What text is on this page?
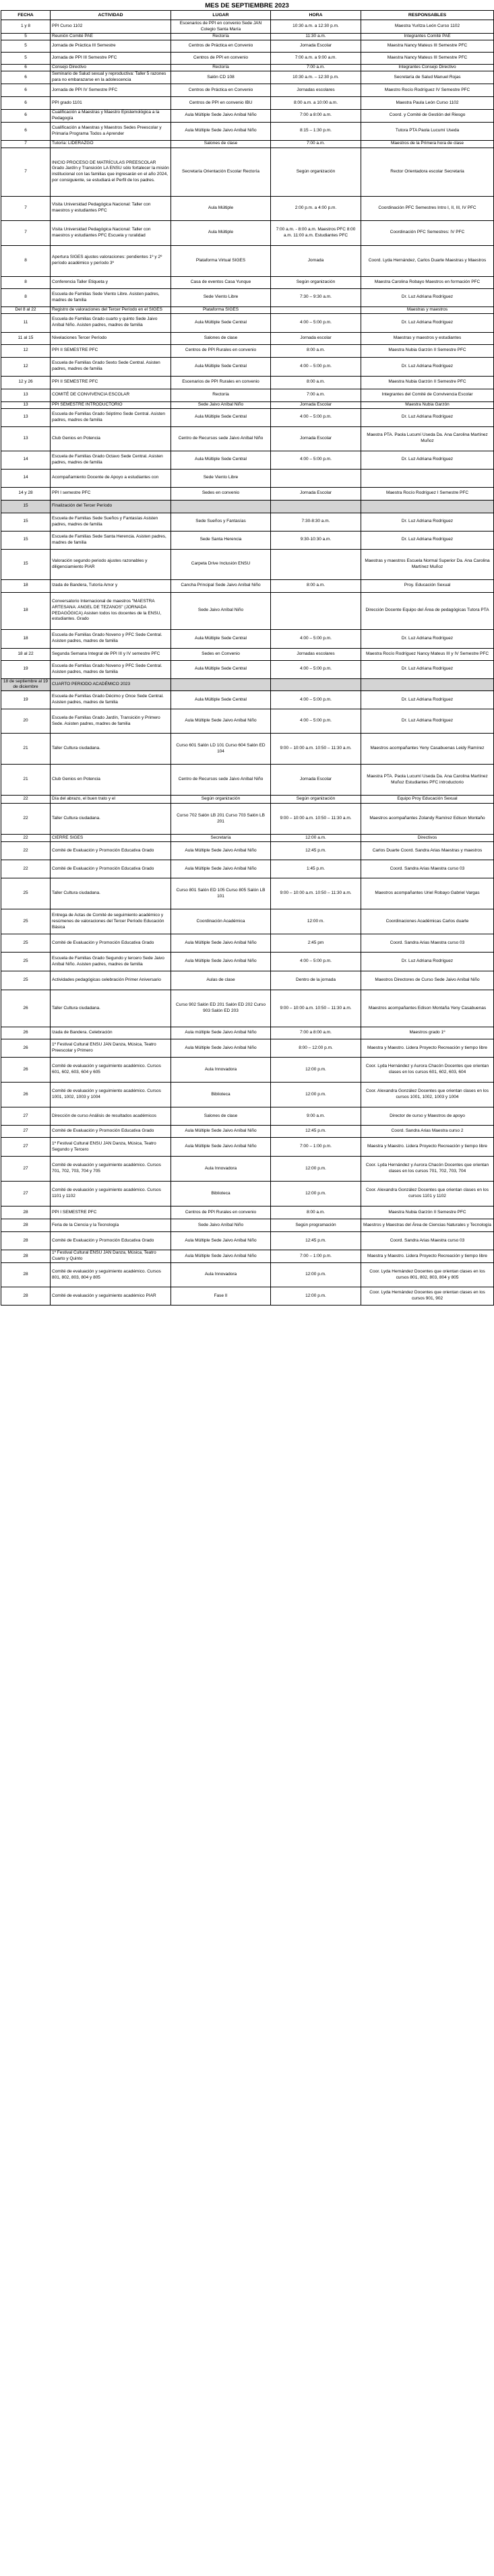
MES DE SEPTIEMBRE 2023
FECHA	ACTIVIDAD	LUGAR	HORA	RESPONSABLES
1 y 8	PPI Curso 1102	Escenarios de PPI en convenio Sede JAN Colegio Santa María	10:30 a.m. a 12:30 p.m.	Maestra Yuritza León Curso 1102
5	Reunión Comité PAE	Rectoría	11:30 a.m.	Integrantes Comité PAE
5	Jornada de Práctica III Semestre	Centros de Práctica en Convenio	Jornada Escolar	Maestra Nancy Mateus III Semestre PFC
5	Jornada de PPI III Semestre PFC	Centros de PPI en convenio	7:00 a.m. a 9:00 a.m.	Maestra Nancy Mateus III Semestre PFC
6	Consejo Directivo	Rectoría	7:00 a.m.	Integrantes Consejo Directivo
6	Seminario de Salud sexual y reproductiva: Taller 5 razones para no embarazarse en la adolescencia	Salón CD 108	10:30 a.m. – 12:30 p.m.	Secretaría de Salud Manuel Rojas
6	Jornada de PPI IV Semestre PFC	Centros de Práctica en Convenio	Jornadas escolares	Maestro Rocío Rodríguez IV Semestre PFC
6	PPI grado 1101	Centros de PPI en convenio IBU	8:00 a.m. a 10:00 a.m.	Maestra Paula León Curso 1102
6	Cualificación a Maestras y Maestro Epistemológica a la Pedagogía	Aula Múltiple Sede Jaivo Aníbal Niño	7:00 a 8:00 a.m.	Coord. y Comité de Gestión del Riesgo
6	Cualificación a Maestras y Maestros Sedes Preescolar y Primaria Programa Todos a Aprender	Aula Múltiple Sede Jaivo Aníbal Niño	8:15 – 1:30 p.m.	Tutora PTA Paola Lucumí Useda
7	Tutoría: LIDERAZGO	Salones de clase	7:00 a.m.	Maestros de la Primera hora de clase
7	INICIO PROCESO DE MATRÍCULAS PREESCOLAR Grado Jardín y Transición LA ENSU sólo fortalecer la misión institucional con las familias que ingresarán en el año 2024, por consiguiente, se estudiará el Perfil de los padres.	Secretaría Orientación Escolar Rectoría	Según organización	Rector Orientadora escolar Secretaria
7	Visita Universidad Pedagógica Nacional: Taller con maestros y estudiantes PFC	Aula Múltiple	2:00 p.m. a 4:00 p.m.	Coordinación PFC Semestres Intro I, II, III, IV PFC
7	Visita Universidad Pedagógica Nacional: Taller con maestros y estudiantes PFC Escuela y ruralidad	Aula Múltiple	7:00 a.m. - 8:00 a.m. Maestros PFC 8:00 a.m. 11:00 a.m. Estudiantes PFC	Coordinación PFC Semestres: IV PFC
8	Apertura SIGES ajustes valoraciones: pendientes 1º y 2º período académico y período 3º	Plataforma Virtual SIGES	Jornada	Coord. Lyda Hernández, Carlos Duarte Maestras y Maestros
8	Conferencia Taller Etiqueta y	Casa de eventos Casa Yunque	Según organización	Maestra Carolina Robayo Maestros en formación PFC
8	Escuela de Familias Sede Viento Libre. Asisten padres, madres de familia	Sede Viento Libre	7:30 – 9:30 a.m.	Dr. Luz Adriana Rodríguez
Del 8 al 22	Registro de valoraciones del Tercer Período en el SIGES	Plataforma SIGES		Maestras y maestros
11	Escuela de Familias Grado cuarto y quinto Sede Jaivo Aníbal Niño. Asisten padres, madres de familia	Aula Múltiple Sede Central	4:00 – 5:00 p.m.	Dr. Luz Adriana Rodríguez
11 al 15	Nivelaciones Tercer Período	Salones de clase	Jornada escolar	Maestras y maestros y estudiantes
12	PPI II SEMESTRE PFC	Centros de PPI Rurales en convenio	8:00 a.m.	Maestra Nubia Garzón II Semestre PFC
12	Escuela de Familias Grado Sexto Sede Central. Asisten padres, madres de familia	Aula Múltiple Sede Central	4:00 – 5:00 p.m.	Dr. Luz Adriana Rodríguez
12 y 26	PPI II SEMESTRE PFC	Escenarios de PPI Rurales en convenio	8:00 a.m.	Maestra Nubia Garzón II Semestre PFC
13	COMITÉ DE CONVIVENCIA ESCOLAR	Rectoría	7:00 a.m.	Integrantes del Comité de Convivencia Escolar
13	PPI SEMESTRE INTRODUCTORIO	Sede Jaivo Aníbal Niño	Jornada Escolar	Maestra Nubia Garzón
13	Escuela de Familias Grado Séptimo Sede Central. Asisten padres, madres de familia	Aula Múltiple Sede Central	4:00 – 5:00 p.m.	Dr. Luz Adriana Rodríguez
13	Club Genios en Potencia	Centro de Recursos sede Jaivo Aníbal Niño	Jornada Escolar	Maestra PTA. Paola Lucumí Useda Da. Ana Carolina Martínez Muñoz
14	Escuela de Familias Grado Octavo Sede Central. Asisten padres, madres de familia	Aula Múltiple Sede Central	4:00 – 5:00 p.m.	Dr. Luz Adriana Rodríguez
14	Acompañamiento Docente de Apoyo a estudiantes con	Sede Viento Libre		
14 y 28	PPI I semestre PFC	Sedes en convenio	Jornada Escolar	Maestra Rocío Rodríguez I Semestre PFC
15	Finalización del Tercer Período			
15	Escuela de Familias Sede Sueños y Fantasías Asisten padres, madres de familia	Sede Sueños y Fantasías	7:30-8:30 a.m.	Dr. Luz Adriana Rodríguez
15	Escuela de Familias Sede Santa Herencia. Asisten padres, madres de familia	Sede Santa Herencia	9:30-10:30 a.m.	Dr. Luz Adriana Rodríguez
15	Valoración segundo periodo ajustes razonables y diligenciamiento PIAR	Carpeta Drive Inclusión ENSU		Maestras y maestros Escuela Normal Superior Da. Ana Carolina Martínez Muñoz
18	Izada de Bandera, Tutoría Amor y	Cancha Principal Sede Jaivo Aníbal Niño	8:00 a.m.	Proy. Educación Sexual
18	Conversatorio Internacional de maestros "MAESTRA ARTESANA: ANGEL DE TEZANOS" (JORNADA PEDAGÓGICA) Asisten todos los docentes de la ENSU, estudiantes. Grado	Sede Jaivo Aníbal Niño		Dirección Docente Equipo del Área de pedagógicas Tutora PTA
18	Escuela de Familias Grado Noveno y PFC Sede Central. Asisten padres, madres de familia	Aula Múltiple Sede Central	4:00 – 5:00 p.m.	Dr. Luz Adriana Rodríguez
18 al 22	Segunda Semana Integral de PPI III y IV semestre PFC	Sedes en Convenio	Jornadas escolares	Maestra Rocío Rodríguez Nancy Mateus III y IV Semestre PFC
19	Escuela de Familias Grado Noveno y PFC Sede Central. Asisten padres, madres de familia	Aula Múltiple Sede Central	4:00 – 5:00 p.m.	Dr. Luz Adriana Rodríguez
18 de septiembre al 19 de diciembre	CUARTO PERIODO ACADÉMICO 2023			
19	Escuela de Familias Grado Décimo y Once Sede Central. Asisten padres, madres de familia	Aula Múltiple Sede Central	4:00 – 5:00 p.m.	Dr. Luz Adriana Rodríguez
20	Escuela de Familias Grado Jardín, Transición y Primero Sede. Asisten padres, madres de familia	Aula Múltiple Sede Jaivo Aníbal Niño	4:00 – 5:00 p.m.	Dr. Luz Adriana Rodríguez
21	Taller Cultura ciudadana.	Curso 601 Salón LD 101 Curso 604 Salón ED 104	9:00 – 10:00 a.m. 10:50 – 11:30 a.m.	Maestros acompañantes Yeny Casabuenas Leidy Ramírez
21	Club Genios en Potencia	Centro de Recursos sede Jaivo Aníbal Niño	Jornada Escolar	Maestra PTA. Paola Lucumí Useda Da. Ana Carolina Martínez Muñoz Estudiantes PFC introductorio
22	Día del abrazo, el buen trato y el	Según organización	Según organización	Equipo Proy Educación Sexual
22	Taller Cultura ciudadana.	Curso 702 Salón LB 201 Curso 703 Salón LB 201	9:00 – 10:00 a.m. 10:50 – 11:30 a.m.	Maestros acompañantes Zolandy Ramírez Edison Montaño
22	CIERRE SIGES	Secretaría	12:00 a.m.	Directivos
22	Comité de Evaluación y Promoción Educativa Grado	Aula Múltiple Sede Jaivo Aníbal Niño	12:45 p.m.	Carlos Duarte Coord. Sandra Arias Maestras y maestros
22	Comité de Evaluación y Promoción Educativa Grado	Aula Múltiple Sede Jaivo Aníbal Niño	1:45 p.m.	Coord. Sandra Arias Maestra curso 03
25	Taller Cultura ciudadana.	Curso 801 Salón ED 105 Curso 805 Salón LB 101	9:00 – 10:00 a.m. 10:50 – 11:30 a.m.	Maestros acompañantes Uriel Robayo Gabriel Vargas
25	Entrega de Actas de Comité de seguimiento académico y resúmenes de valoraciones del Tercer Período Educación Básica	Coordinación Académica	12:00 m.	Coordinaciones Académicas Carlos duarte
25	Comité de Evaluación y Promoción Educativa Grado	Aula Múltiple Sede Jaivo Aníbal Niño	2:45 pm	Coord. Sandra Arias Maestra curso 03
25	Escuela de Familias Grado Segundo y tercero Sede Jaivo Aníbal Niño. Asisten padres, madres de familia	Aula Múltiple Sede Jaivo Aníbal Niño	4:00 – 5:00 p.m.	Dr. Luz Adriana Rodríguez
25	Actividades pedagógicas celebración Primer Aniversario	Aulas de clase	Dentro de la jornada	Maestros Directores de Curso Sede Jaivo Aníbal Niño
26	Taller Cultura ciudadana.	Curso 902 Salón ED 201 Salón ED 202 Curso 903 Salón ED 203	9:00 – 10:00 a.m. 10:50 – 11:30 a.m.	Maestros acompañantes Edison Montaña Yeny Casabuenas
26	Izada de Bandera. Celebración	Aula múltiple Sede Jaivo Aníbal Niño	7:00 a 8:00 a.m.	Maestros grado 1º
26	1º Festival Cultural ENSU JAN Danza, Música, Teatro Preescolar y Primero	Aula Múltiple Sede Jaivo Aníbal Niño	8:00 – 12:00 p.m.	Maestra y Maestro. Lidera Proyecto Recreación y tiempo libre
26	Comité de evaluación y seguimiento académico. Cursos 601, 602, 603, 604 y 605	Aula Innovadora	12:00 p.m.	Coor. Lyda Hernández y Aurora Chacón Docentes que orientan clases en los cursos 601, 602, 603, 604
26	Comité de evaluación y seguimiento académico. Cursos 1001, 1002, 1003 y 1004	Biblioteca	12:00 p.m.	Coor. Alexandra González Docentes que orientan clases en los cursos 1001, 1002, 1003 y 1004
27	Dirección de curso Análisis de resultados académicos	Salones de clase	9:00 a.m.	Director de curso y Maestros de apoyo
27	Comité de Evaluación y Promoción Educativa Grado	Aula Múltiple Sede Jaivo Aníbal Niño	12:45 p.m.	Coord. Sandra Arias Maestra curso 2
27	1º Festival Cultural ENSU JAN Danza, Música, Teatro Segundo y Tercero	Aula Múltiple Sede Jaivo Aníbal Niño	7:00 – 1:00 p.m.	Maestra y Maestro. Lidera Proyecto Recreación y tiempo libre
27	Comité de evaluación y seguimiento académico. Cursos 701, 702, 703, 704 y 705	Aula Innovadora	12:00 p.m.	Coor. Lyda Hernández y Aurora Chacón Docentes que orientan clases en los cursos 701, 702, 703, 704
27	Comité de evaluación y seguimiento académico. Cursos 1101 y 1102	Biblioteca	12:00 p.m.	Coor. Alexandra González Docentes que orientan clases en los cursos 1101 y 1102
28	PPI I SEMESTRE PFC	Centros de PPI Rurales en convenio	8:00 a.m.	Maestra Nubia Garzón II Semestre PFC
28	Feria de la Ciencia y la Tecnología	Sede Jaivo Aníbal Niño	Según programación	Maestros y Maestras del Área de Ciencias Naturales y Tecnología
28	Comité de Evaluación y Promoción Educativa Grado	Aula Múltiple Sede Jaivo Aníbal Niño	12:45 p.m.	Coord. Sandra Arias Maestra curso 03
28	1º Festival Cultural ENSU JAN Danza, Música, Teatro Cuarto y Quinto	Aula Múltiple Sede Jaivo Aníbal Niño	7:00 – 1:00 p.m.	Maestra y Maestro. Lidera Proyecto Recreación y tiempo libre
28	Comité de evaluación y seguimiento académico. Cursos 801, 802, 803, 804 y 805	Aula Innovadora	12:00 p.m.	Coor. Lyda Hernández Docentes que orientan clases en los cursos 801, 802, 803, 804 y 805
28	Comité de evaluación y seguimiento académico PIAR	Fase II	12:00 p.m.	Coor. Lyda Hernández Docentes que orientan clases en los cursos 901, 902
